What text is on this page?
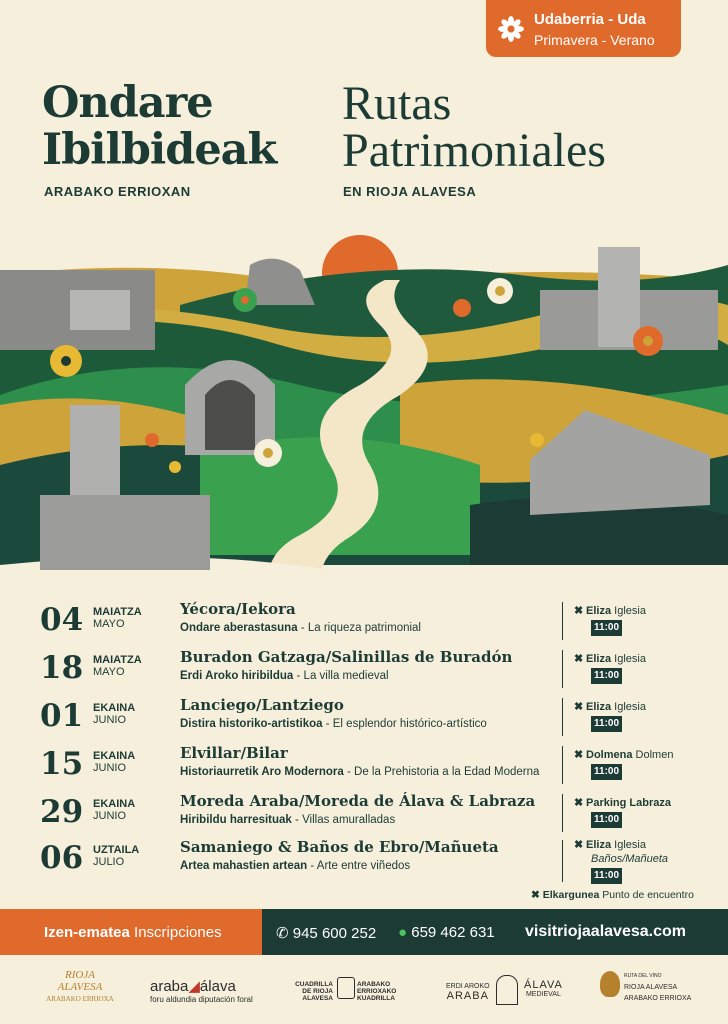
Udaberria - Uda
Primavera - Verano
Ondare
Ibilbideak
Rutas
Patrimoniales
ARABAKO ERRIOXAN	EN RIOJA ALAVESA
04 MAIATZA
MAYO
Yécora/Iekora
Ondare aberastasuna - La riqueza patrimonial
✖ Eliza Iglesia
11:00
18 MAIATZA
MAYO
Buradon Gatzaga/Salinillas de Buradón
Erdi Aroko hiribildua - La villa medieval
✖ Eliza Iglesia
11:00
01 EKAINA
JUNIO
Lanciego/Lantziego
Distira historiko-artistikoa - El esplendor histórico-artístico
✖ Eliza Iglesia
11:00
15 EKAINA
JUNIO
Elvillar/Bilar
Historiaurretik Aro Modernora - De la Prehistoria a la Edad Moderna
✖ Dolmena Dolmen
11:00
29 EKAINA
JUNIO
Moreda Araba/Moreda de Álava & Labraza
Hiribildu harresituak - Villas amuralladas
✖ Parking Labraza
11:00
06 UZTAILA
JULIO
Samaniego & Baños de Ebro/Mañueta
Artea mahastien artean - Arte entre viñedos
✖ Eliza Iglesia
Baños/Mañueta
11:00
✖ Elkargunea Punto de encuentro
Izen-ematea Inscripciones	✆ 945 600 252 ● 659 462 631 visitriojaalavesa.com
RIOJA
ALAVESA
ARABAKO ERRIOXA
araba◢álava
foru aldundia diputación foral
CUADRILLA
DE RIOJA ALAVESA
ARABAKO
ERRIOXAKO KUADRILLA
ERDI AROKO
ARABA
ÁLAVA
MEDIEVAL
RUTA DEL VINO
RIOJA ALAVESA
ARABAKO ERRIOXA
